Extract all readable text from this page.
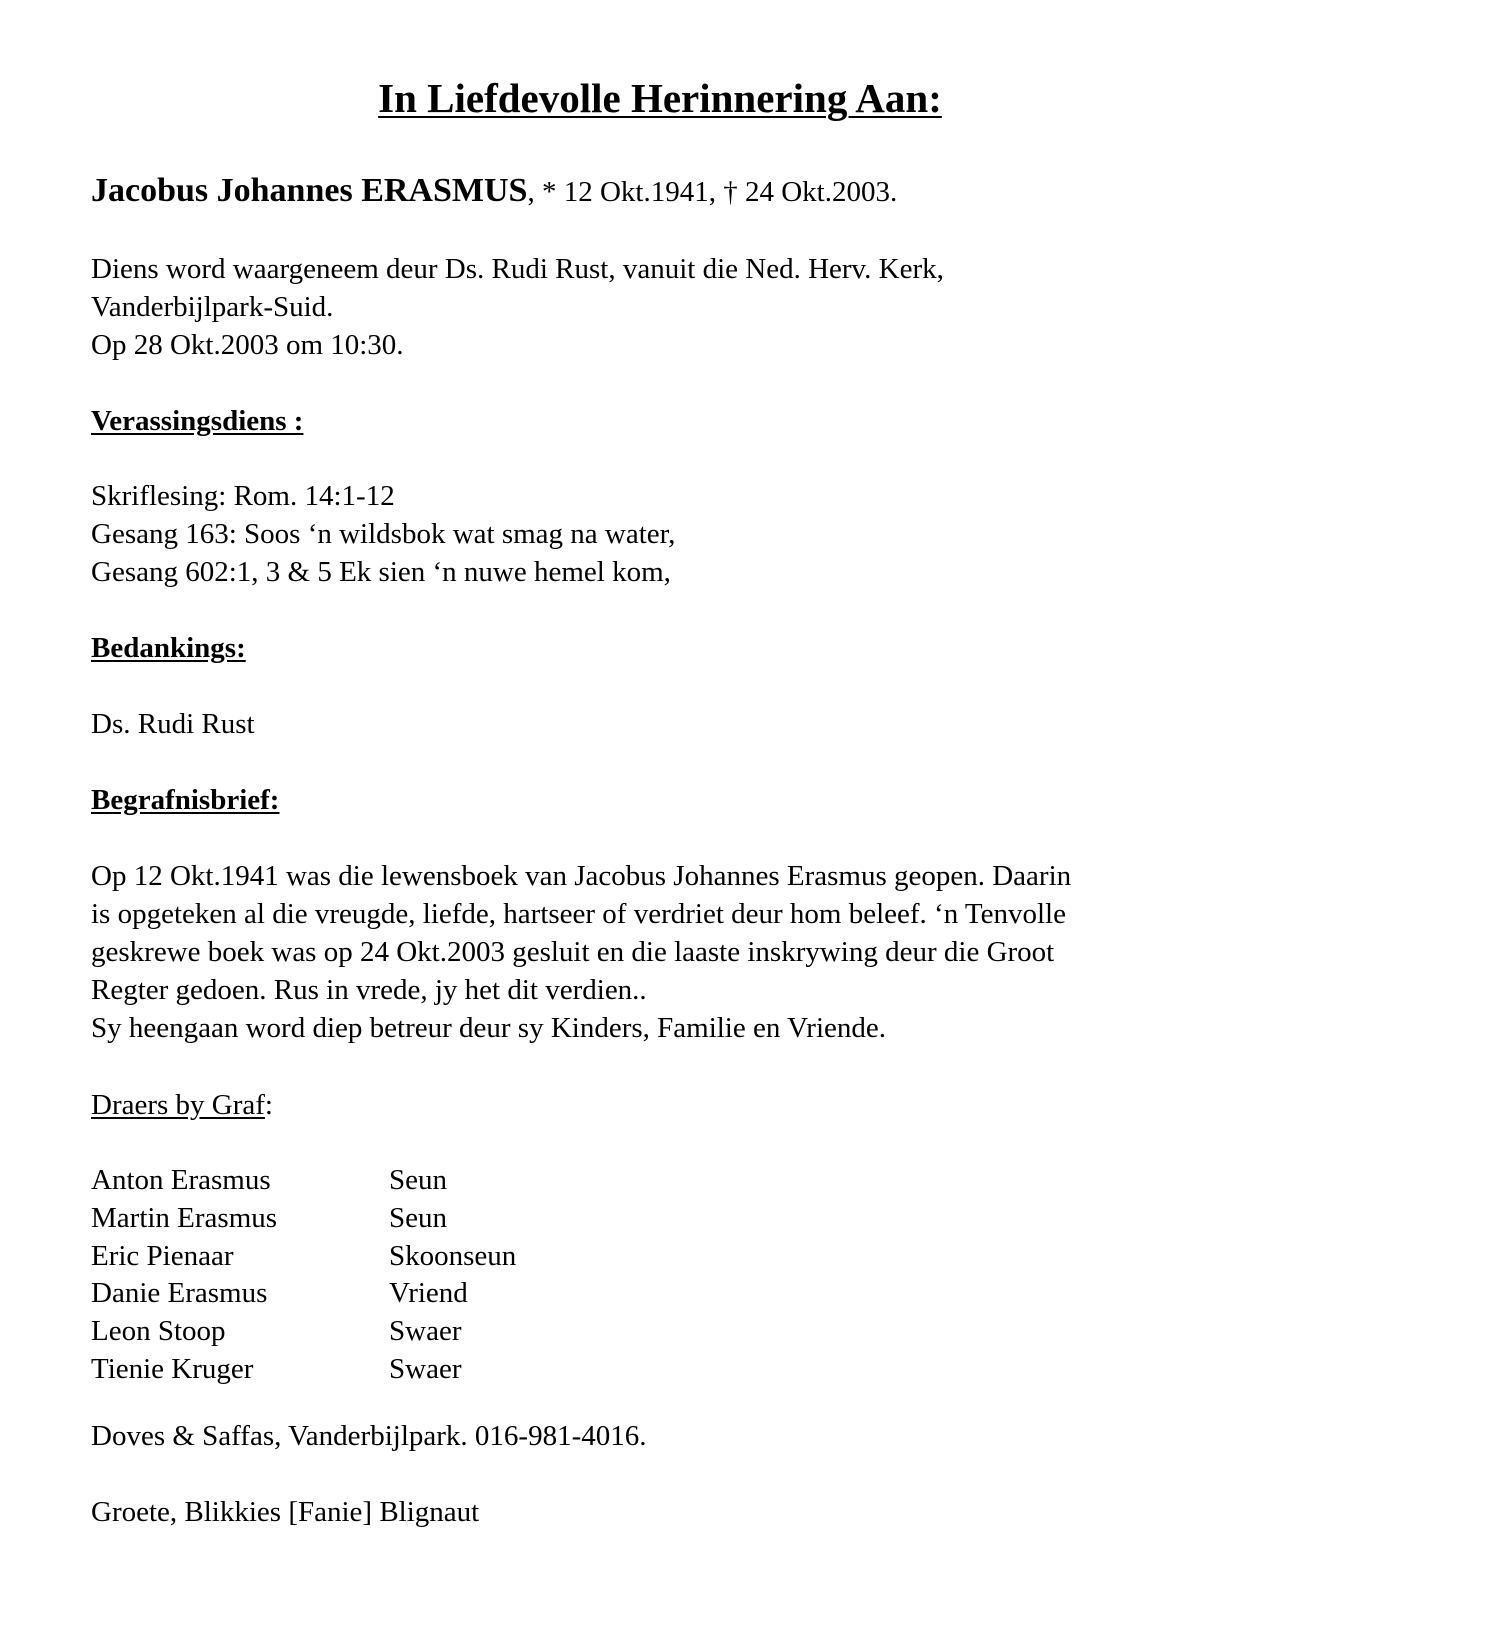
In Liefdevolle Herinnering Aan:
Jacobus Johannes ERASMUS, * 12 Okt.1941, † 24 Okt.2003.
Diens word waargeneem deur Ds. Rudi Rust, vanuit die Ned. Herv. Kerk,
Vanderbijlpark-Suid.
Op 28 Okt.2003 om 10:30.
Verassingsdiens :
Skriflesing: Rom. 14:1-12
Gesang 163: Soos ‘n wildsbok wat smag na water,
Gesang 602:1, 3 & 5 Ek sien ‘n nuwe hemel kom,
Bedankings:
Ds. Rudi Rust
Begrafnisbrief:
Op 12 Okt.1941 was die lewensboek van Jacobus Johannes Erasmus geopen. Daarin
is opgeteken al die vreugde, liefde, hartseer of verdriet deur hom beleef. ‘n Tenvolle
geskrewe boek was op 24 Okt.2003 gesluit en die laaste inskrywing deur die Groot
Regter gedoen. Rus in vrede, jy het dit verdien..
Sy heengaan word diep betreur deur sy Kinders, Familie en Vriende.
Draers by Graf:
Anton Erasmus	Seun
Martin Erasmus	Seun
Eric Pienaar	Skoonseun
Danie Erasmus	Vriend
Leon Stoop	Swaer
Tienie Kruger	Swaer
Doves & Saffas, Vanderbijlpark. 016-981-4016.
Groete, Blikkies [Fanie] Blignaut
